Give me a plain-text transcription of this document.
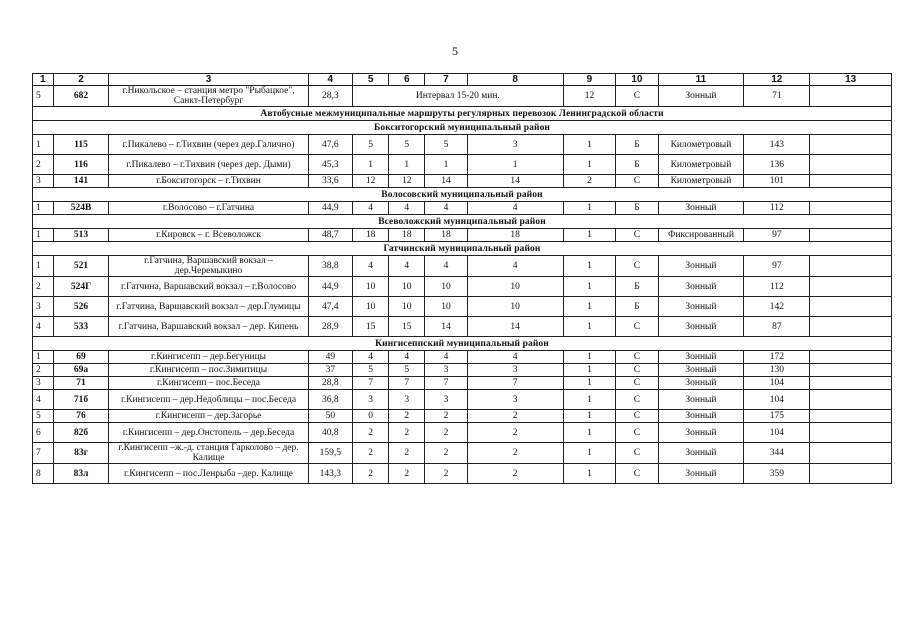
5
1	2	3	4	5	6	7	8	9	10	11	12	13
5	682	г.Никольское – станция метро "Рыбацкое", Санкт-Петербург	28,3	Интервал 15-20 мин.				12	С	Зонный	71	
Автобусные межмуниципальные маршруты регулярных перевозок Ленинградской области												
Бокситогорский муниципальный район												
1	115	г.Пикалево – г.Тихвин (через дер.Галично)	47,6	5	5	5	3	1	Б	Километровый	143	
2	116	г.Пикалево – г.Тихвин (через дер. Дыми)	45,3	1	1	1	1	1	Б	Километровый	136	
3	141	г.Бокситогорск – г.Тихвин	33,6	12	12	14	14	2	С	Километровый	101	
Волосовский муниципальный район												
1	524В	г.Волосово – г.Гатчина	44,9	4	4	4	4	1	Б	Зонный	112	
Всеволожский муниципальный район												
1	513	г.Кировск – г. Всеволожск	48,7	18	18	18	18	1	С	Фиксированный	97	
Гатчинский муниципальный район												
1	521	г.Гатчина, Варшавский вокзал – дер.Черемыкино	38,8	4	4	4	4	1	С	Зонный	97	
2	524Г	г.Гатчина, Варшавский вокзал – г.Волосово	44,9	10	10	10	10	1	Б	Зонный	112	
3	526	г.Гатчина, Варшавский вокзал – дер.Глумицы	47,4	10	10	10	10	1	Б	Зонный	142	
4	533	г.Гатчина, Варшавский вокзал – дер. Кипень	28,9	15	15	14	14	1	С	Зонный	87	
Кингисеппский муниципальный район												
1	69	г.Кингисепп – дер.Бегуницы	49	4	4	4	4	1	С	Зонный	172	
2	69а	г.Кингисепп – пос.Зимитицы	37	5	5	3	3	1	С	Зонный	130	
3	71	г.Кингисепп – пос.Беседа	28,8	7	7	7	7	1	С	Зонный	104	
4	71б	г.Кингисепп – дер.Недоблицы – пос.Беседа	36,8	3	3	3	3	1	С	Зонный	104	
5	76	г.Кингисепп – дер.Загорье	50	0	2	2	2	1	С	Зонный	175	
6	82б	г.Кингисепп – дер.Онстопель – дер.Беседа	40,8	2	2	2	2	1	С	Зонный	104	
7	83г	г.Кингисепп –ж.-д. станция Гарколово – дер. Калище	159,5	2	2	2	2	1	С	Зонный	344	
8	83л	г.Кингисепп – пос.Ленрыба –дер. Калище	143,3	2	2	2	2	1	С	Зонный	359	
